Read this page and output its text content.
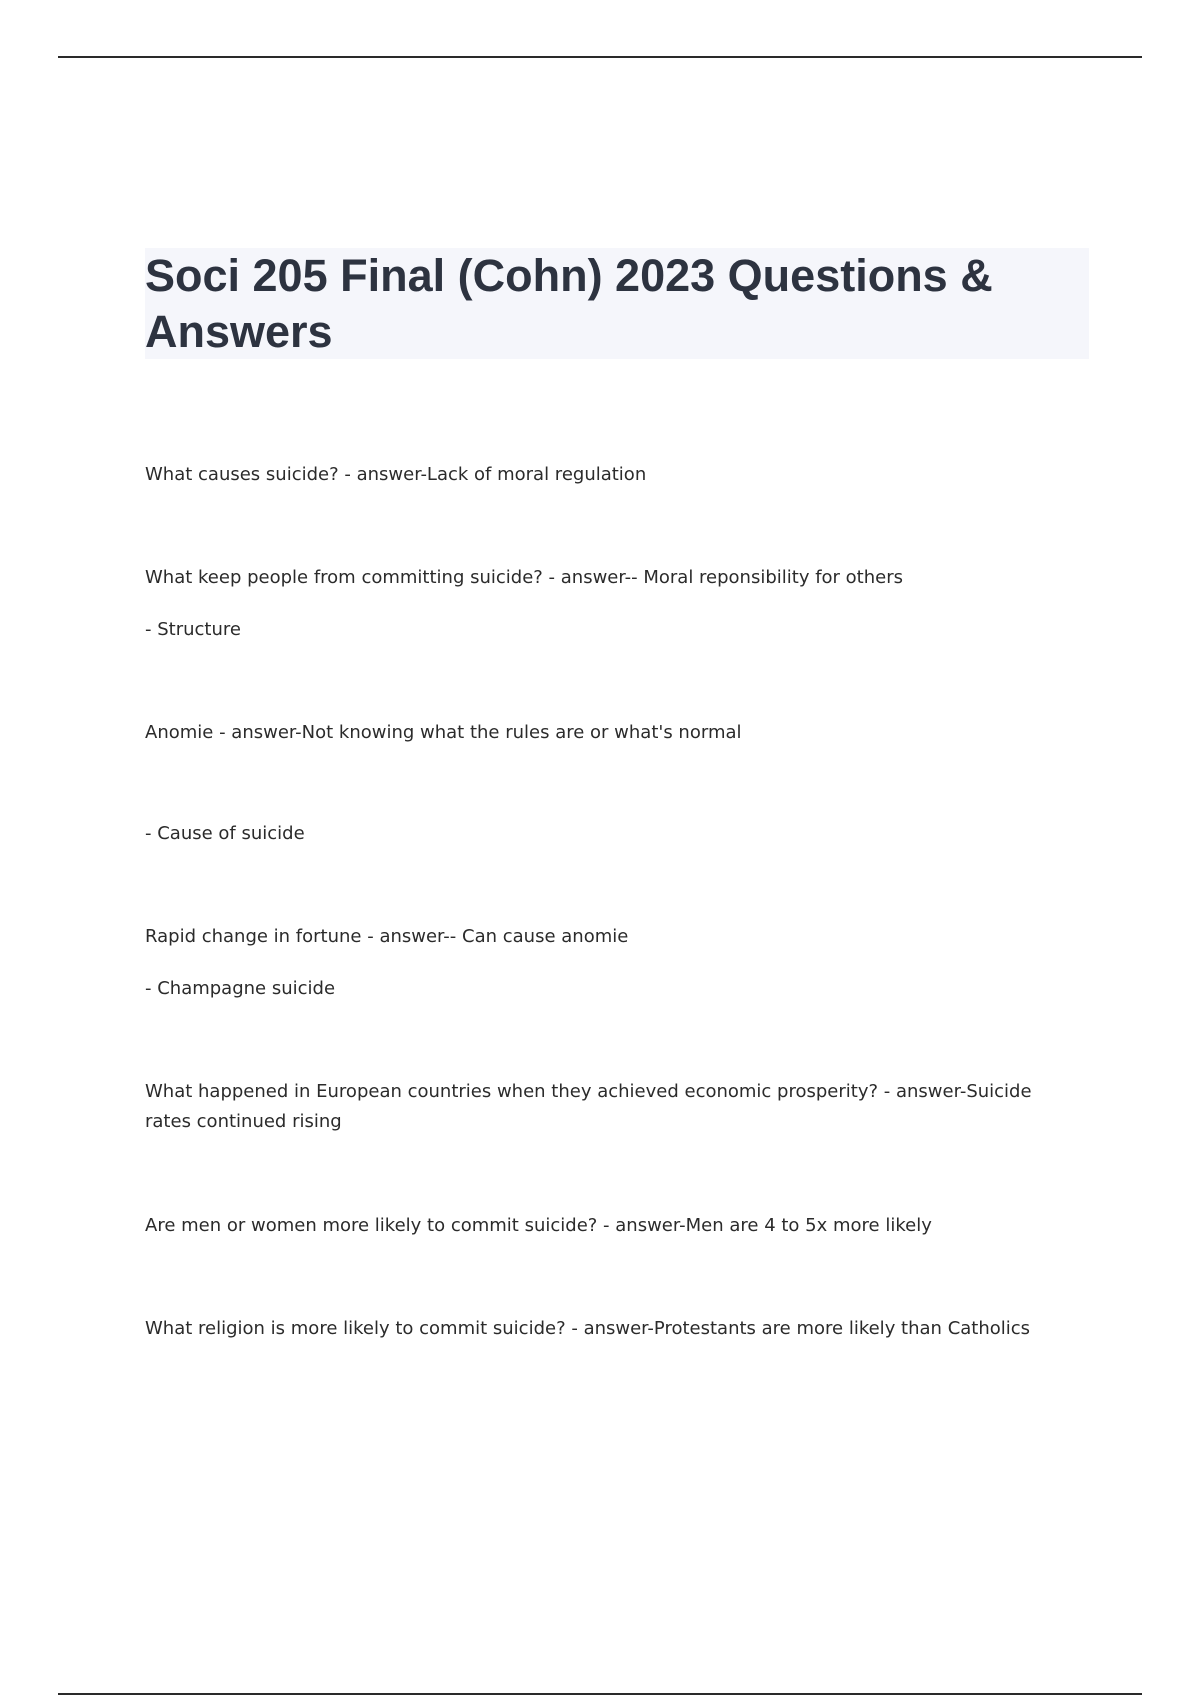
Soci 205 Final (Cohn) 2023 Questions & Answers

What causes suicide? - answer-Lack of moral regulation

What keep people from committing suicide? - answer-- Moral reponsibility for others

- Structure

Anomie - answer-Not knowing what the rules are or what's normal

- Cause of suicide

Rapid change in fortune - answer-- Can cause anomie

- Champagne suicide

What happened in European countries when they achieved economic prosperity? - answer-Suicide rates continued rising

Are men or women more likely to commit suicide? - answer-Men are 4 to 5x more likely

What religion is more likely to commit suicide? - answer-Protestants are more likely than Catholics
